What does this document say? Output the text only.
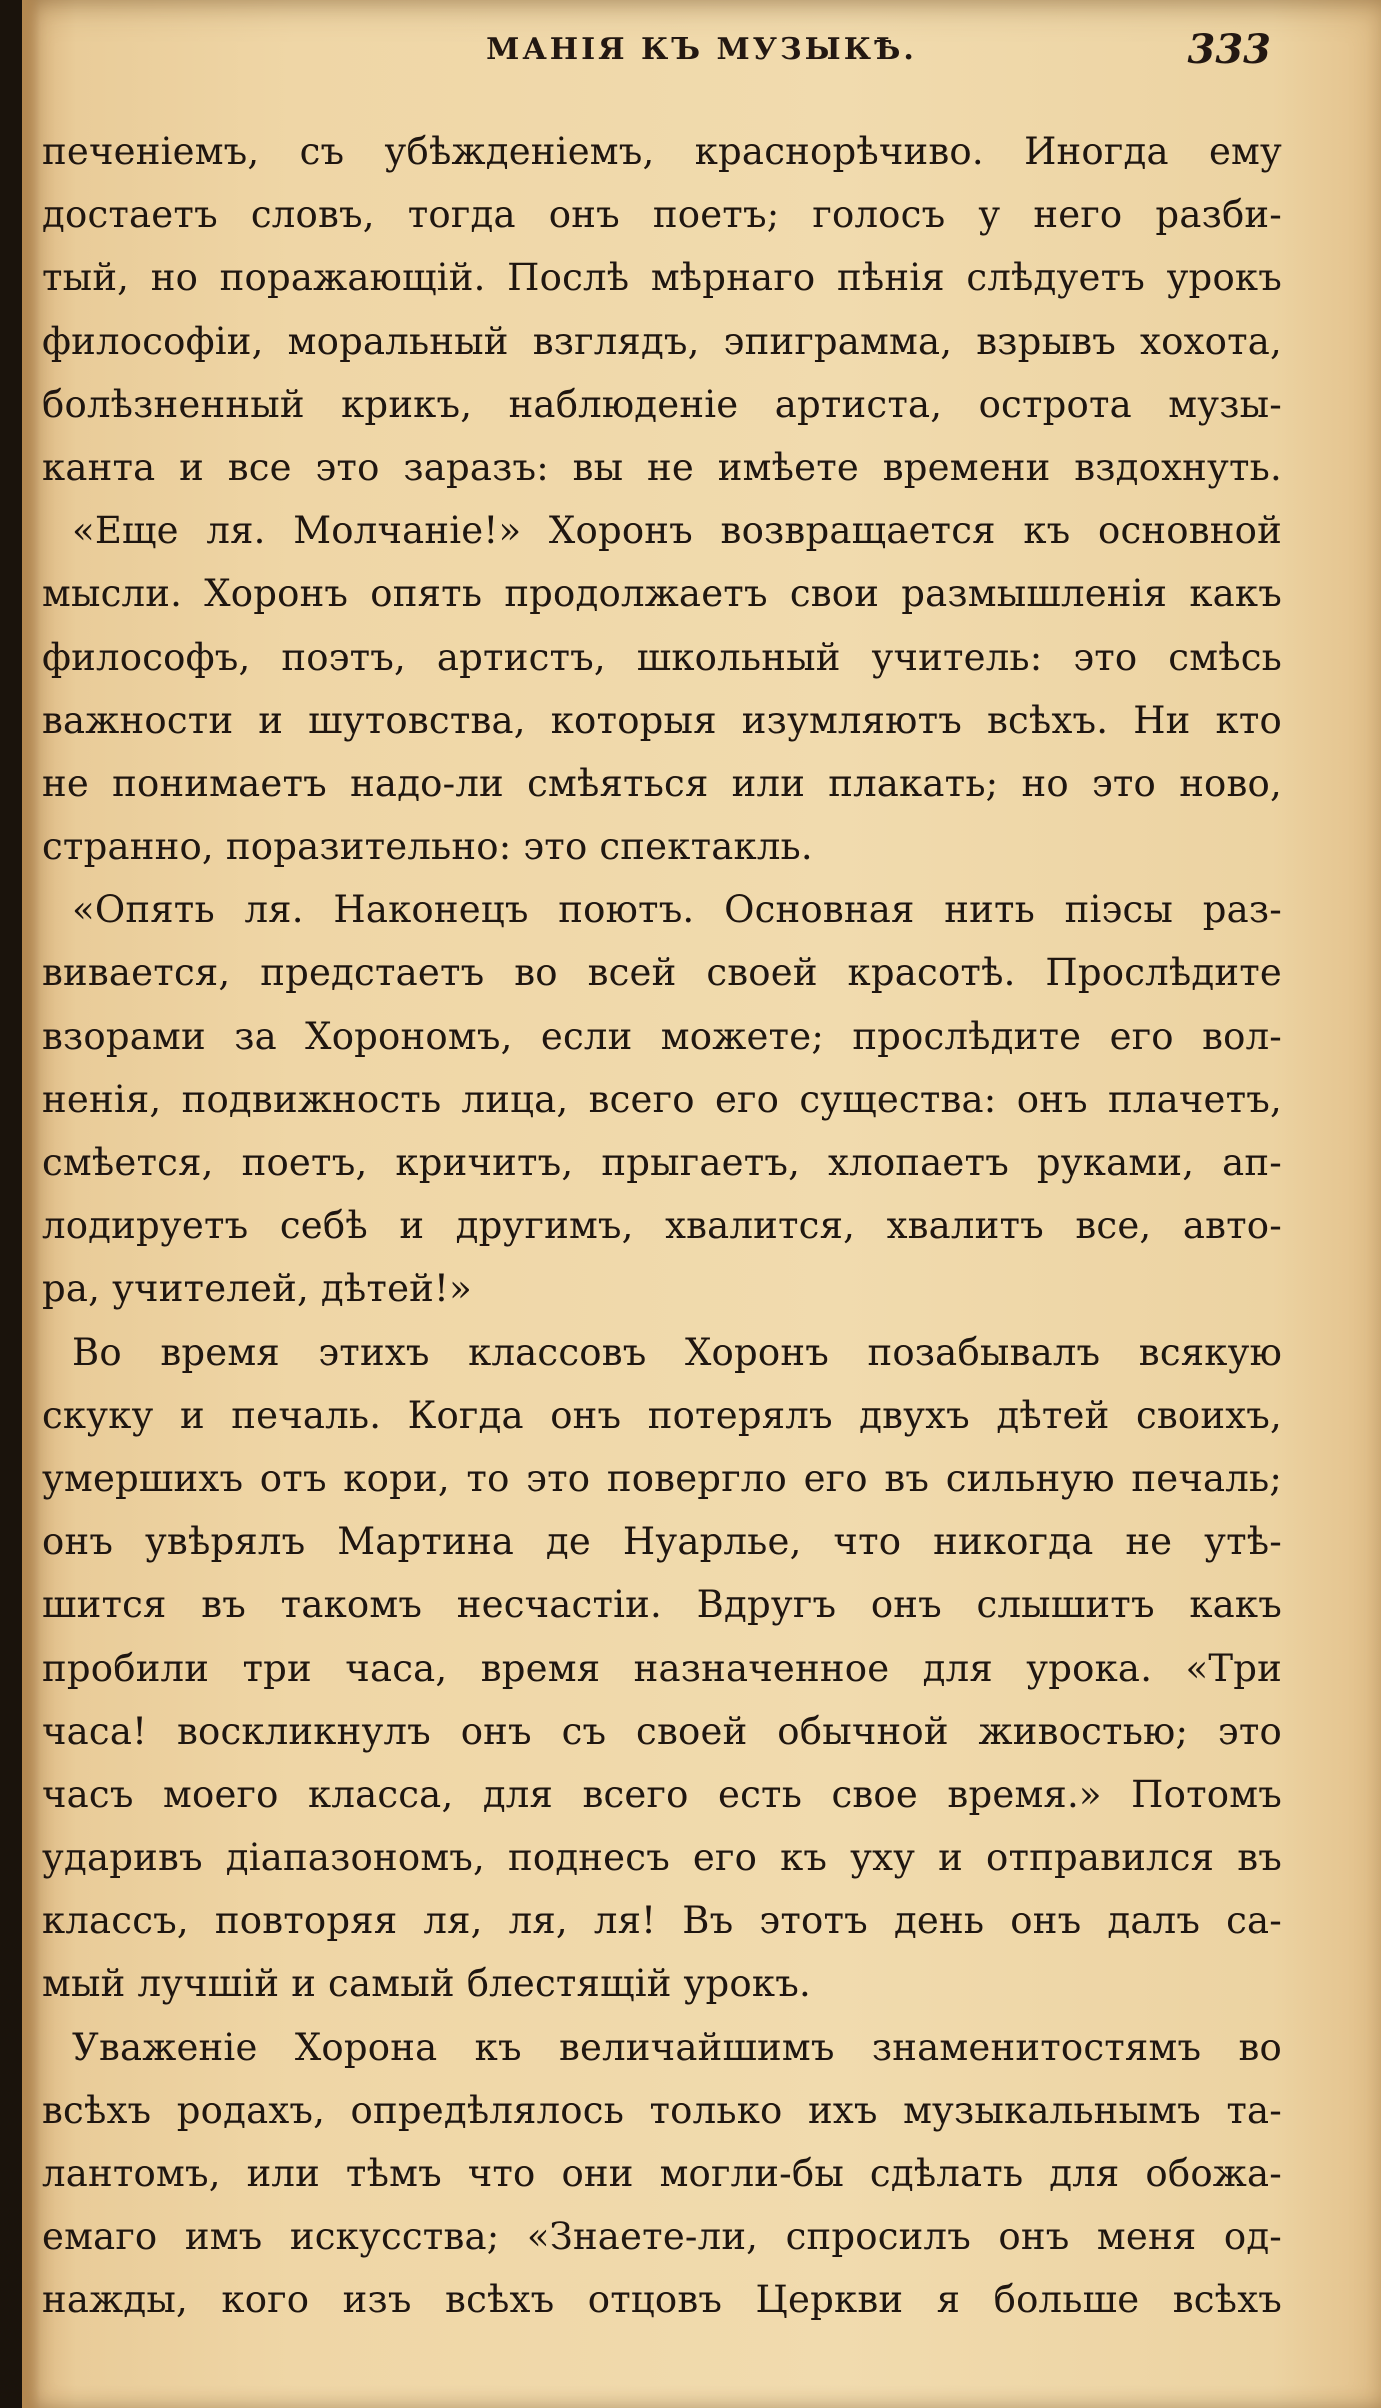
МАНІЯ КЪ МУЗЫКѢ.	333
печеніемъ, съ убѣжденіемъ, краснорѣчиво. Иногда ему
достаетъ словъ, тогда онъ поетъ; голосъ у него разби-
тый, но поражающій. Послѣ мѣрнаго пѣнія слѣдуетъ урокъ
философіи, моральный взглядъ, эпиграмма, взрывъ хохота,
болѣзненный крикъ, наблюденіе артиста, острота музы-
канта и все это заразъ: вы не имѣете времени вздохнуть.
«Еще ля. Молчаніе!» Хоронъ возвращается къ основной
мысли. Хоронъ опять продолжаетъ свои размышленія какъ
философъ, поэтъ, артистъ, школьный учитель: это смѣсь
важности и шутовства, которыя изумляютъ всѣхъ. Ни кто
не понимаетъ надо-ли смѣяться или плакать; но это ново,
странно, поразительно: это спектакль.
«Опять ля. Наконецъ поютъ. Основная нить піэсы раз-
вивается, предстаетъ во всей своей красотѣ. Прослѣдите
взорами за Хорономъ, если можете; прослѣдите его вол-
ненія, подвижность лица, всего его существа: онъ плачетъ,
смѣется, поетъ, кричитъ, прыгаетъ, хлопаетъ руками, ап-
лодируетъ себѣ и другимъ, хвалится, хвалитъ все, авто-
ра, учителей, дѣтей!»
Во время этихъ классовъ Хоронъ позабывалъ всякую
скуку и печаль. Когда онъ потерялъ двухъ дѣтей своихъ,
умершихъ отъ кори, то это повергло его въ сильную печаль;
онъ увѣрялъ Мартина де Нуарлье, что никогда не утѣ-
шится въ такомъ несчастіи. Вдругъ онъ слышитъ какъ
пробили три часа, время назначенное для урока. «Три
часа! воскликнулъ онъ съ своей обычной живостью; это
часъ моего класса, для всего есть свое время.» Потомъ
ударивъ діапазономъ, поднесъ его къ уху и отправился въ
классъ, повторяя ля, ля, ля! Въ этотъ день онъ далъ са-
мый лучшій и самый блестящій урокъ.
Уваженіе Хорона къ величайшимъ знаменитостямъ во
всѣхъ родахъ, опредѣлялось только ихъ музыкальнымъ та-
лантомъ, или тѣмъ что они могли-бы сдѣлать для обожа-
емаго имъ искусства; «Знаете-ли, спросилъ онъ меня од-
нажды, кого изъ всѣхъ отцовъ Церкви я больше всѣхъ
